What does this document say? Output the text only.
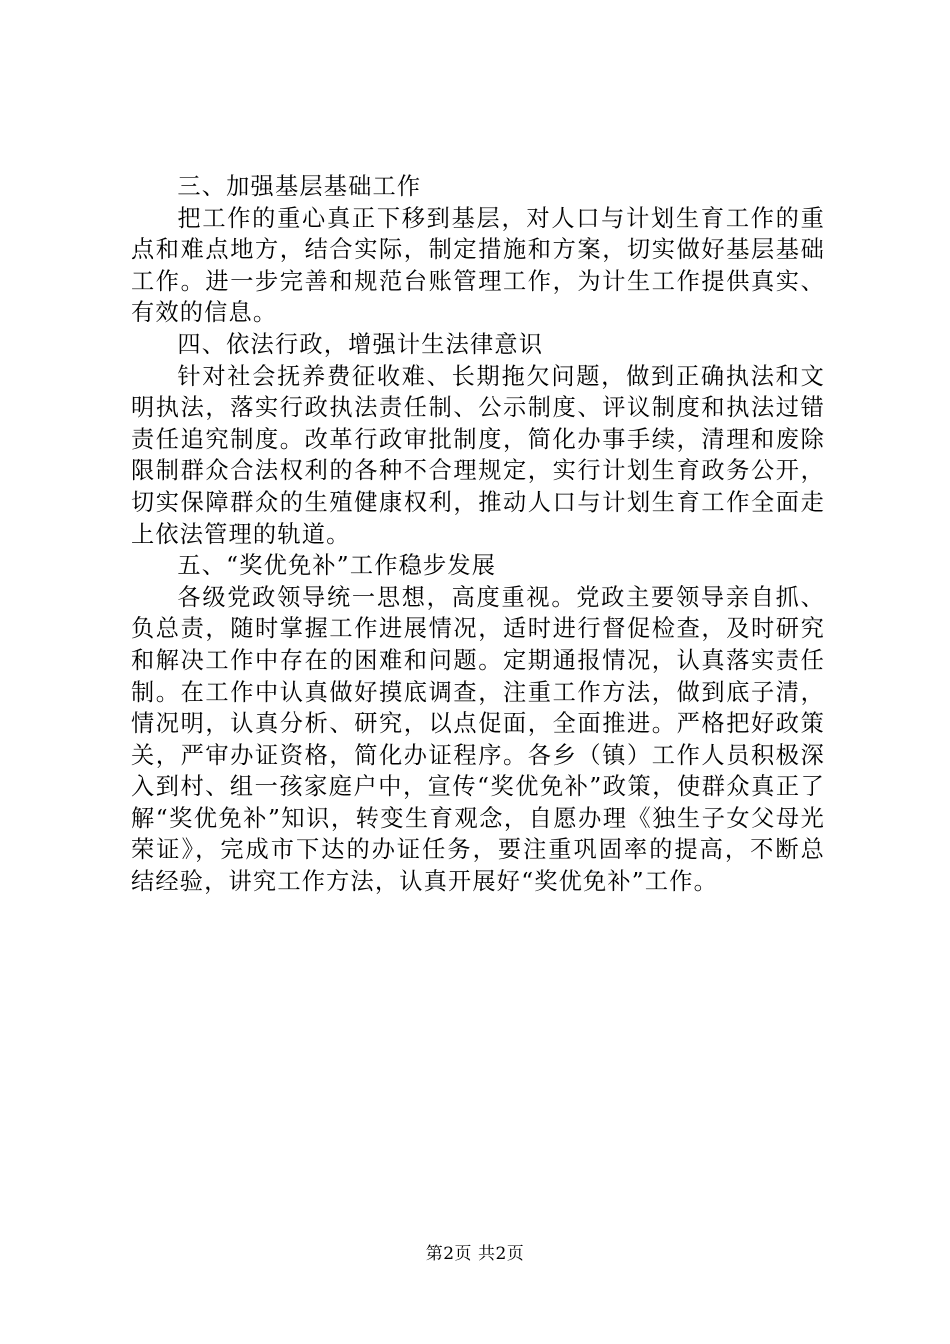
三、加强基层基础工作

把工作的重心真正下移到基层，对人口与计划生育工作的重点和难点地方，结合实际，制定措施和方案，切实做好基层基础工作。进一步完善和规范台账管理工作，为计生工作提供真实、有效的信息。

四、依法行政，增强计生法律意识

针对社会抚养费征收难、长期拖欠问题，做到正确执法和文明执法，落实行政执法责任制、公示制度、评议制度和执法过错责任追究制度。改革行政审批制度，简化办事手续，清理和废除限制群众合法权利的各种不合理规定，实行计划生育政务公开，切实保障群众的生殖健康权利，推动人口与计划生育工作全面走上依法管理的轨道。

五、“奖优免补”工作稳步发展

各级党政领导统一思想，高度重视。党政主要领导亲自抓、负总责，随时掌握工作进展情况，适时进行督促检查，及时研究和解决工作中存在的困难和问题。定期通报情况，认真落实责任制。在工作中认真做好摸底调查，注重工作方法，做到底子清，情况明，认真分析、研究，以点促面，全面推进。严格把好政策关，严审办证资格，简化办证程序。各乡（镇）工作人员积极深入到村、组一孩家庭户中，宣传“奖优免补”政策，使群众真正了解“奖优免补”知识，转变生育观念，自愿办理《独生子女父母光荣证》，完成市下达的办证任务，要注重巩固率的提高，不断总结经验，讲究工作方法，认真开展好“奖优免补”工作。

第2页 共2页
